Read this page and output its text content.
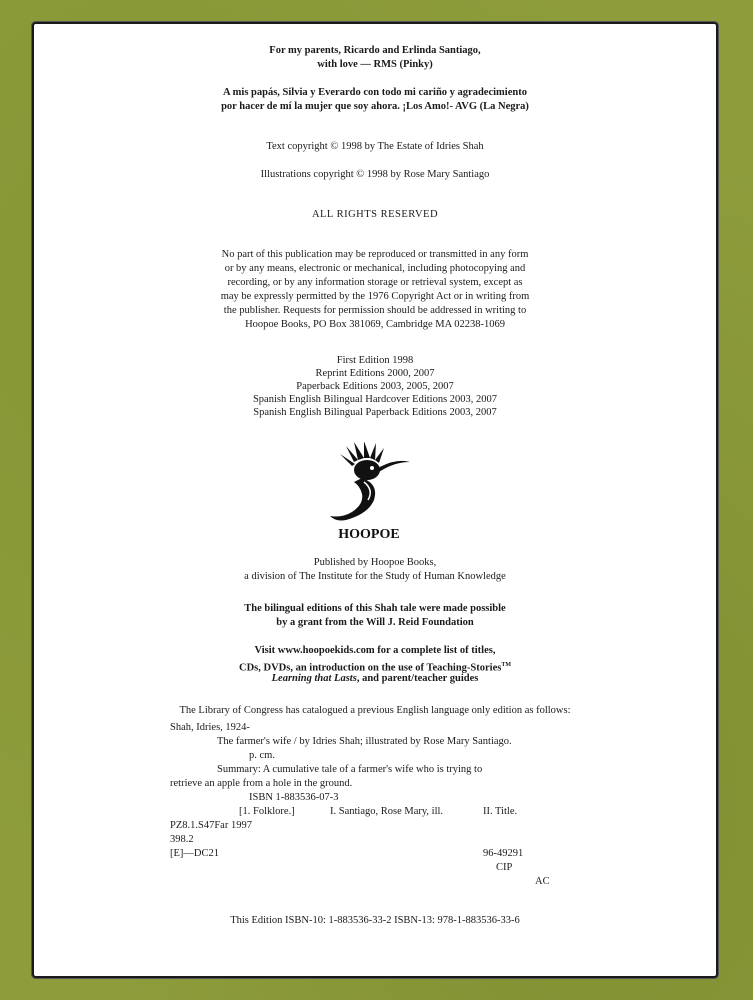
For my parents, Ricardo and Erlinda Santiago,
with love — RMS (Pinky)
A mis papás, Silvia y Everardo con todo mi cariño y agradecimiento
por hacer de mí la mujer que soy ahora. ¡Los Amo!- AVG (La Negra)
Text copyright © 1998 by The Estate of Idries Shah
Illustrations copyright © 1998 by Rose Mary Santiago
ALL RIGHTS RESERVED
No part of this publication may be reproduced or transmitted in any form
or by any means, electronic or mechanical, including photocopying and
recording, or by any information storage or retrieval system, except as
may be expressly permitted by the 1976 Copyright Act or in writing from
the publisher. Requests for permission should be addressed in writing to
Hoopoe Books, PO Box 381069, Cambridge MA 02238-1069
First Edition 1998
Reprint Editions 2000, 2007
Paperback Editions 2003, 2005, 2007
Spanish English Bilingual Hardcover Editions 2003, 2007
Spanish English Bilingual Paperback Editions 2003, 2007
HOOPOE
Published by Hoopoe Books,
a division of The Institute for the Study of Human Knowledge
The bilingual editions of this Shah tale were made possible
by a grant from the Will J. Reid Foundation
Visit www.hoopoekids.com for a complete list of titles,
CDs, DVDs, an introduction on the use of Teaching-Stories™
Learning that Lasts, and parent/teacher guides
The Library of Congress has catalogued a previous English language only edition as follows:
Shah, Idries, 1924-
The farmer's wife / by Idries Shah; illustrated by Rose Mary Santiago.
p. cm.
Summary: A cumulative tale of a farmer's wife who is trying to
retrieve an apple from a hole in the ground.
ISBN 1-883536-07-3
[1. Folklore.]	I. Santiago, Rose Mary, ill.	II. Title.
PZ8.1.S47Far 1997
398.2
[E]—DC21	96-49291
CIP
AC
This Edition ISBN-10: 1-883536-33-2 ISBN-13: 978-1-883536-33-6
